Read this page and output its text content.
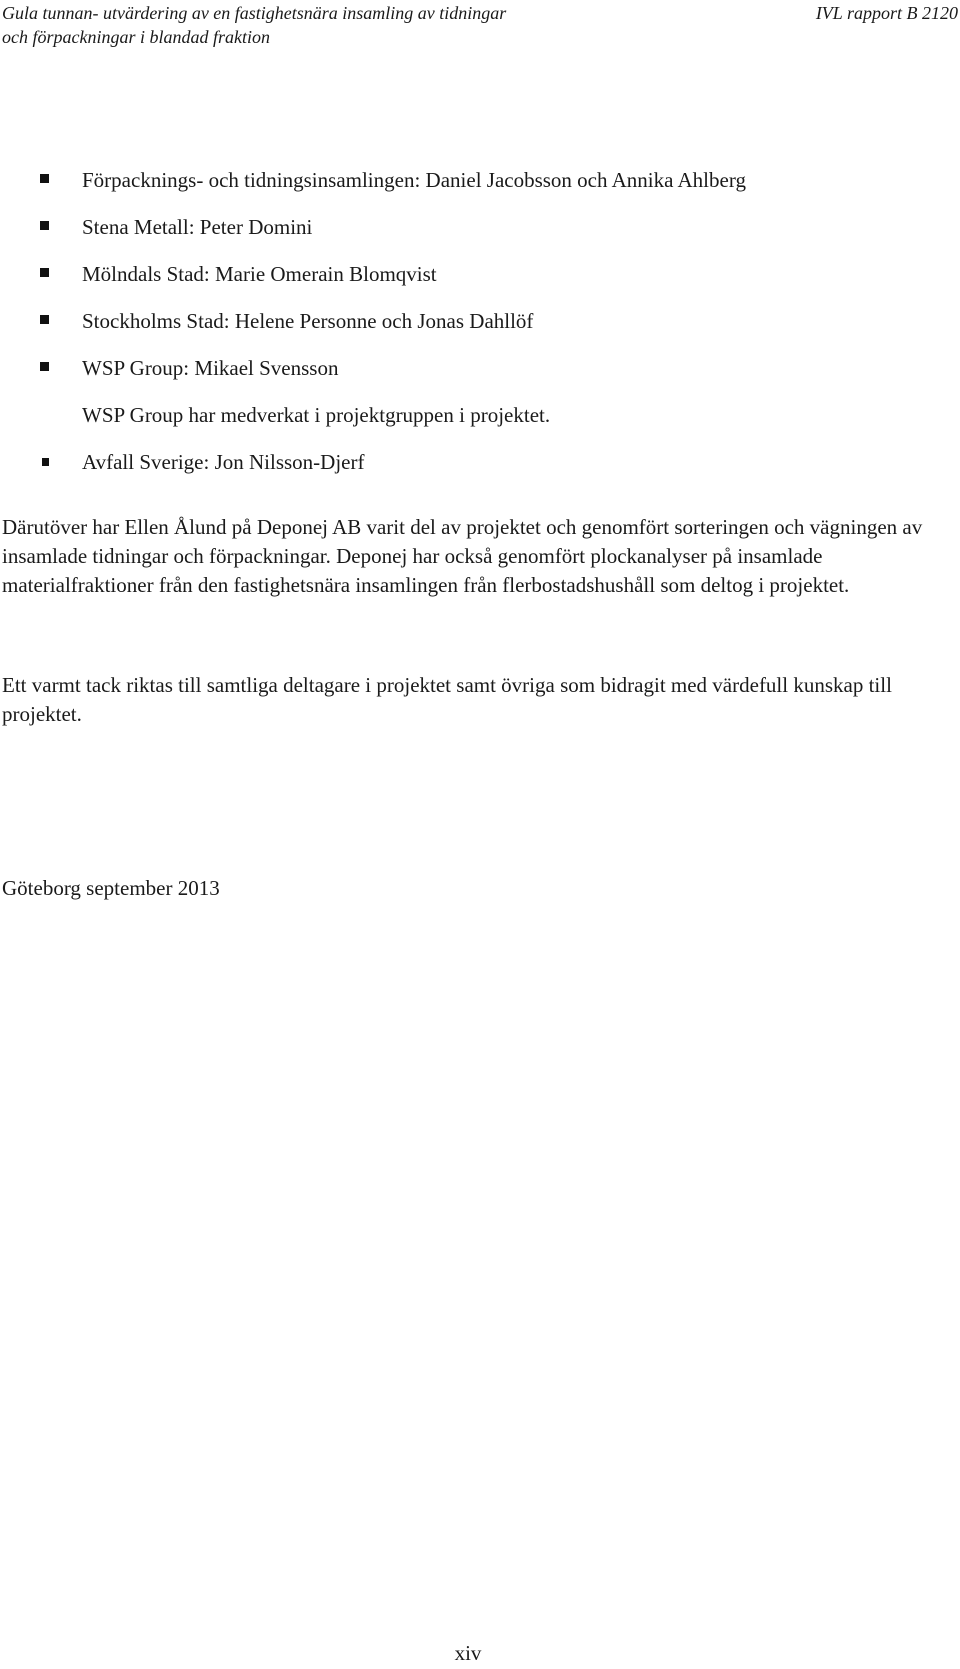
Gula tunnan- utvärdering av en fastighetsnära insamling av tidningar
och förpackningar i blandad fraktion
IVL rapport B 2120
Förpacknings- och tidningsinsamlingen: Daniel Jacobsson och Annika Ahlberg
Stena Metall: Peter Domini
Mölndals Stad: Marie Omerain Blomqvist
Stockholms Stad: Helene Personne och Jonas Dahllöf
WSP Group: Mikael Svensson
WSP Group har medverkat i projektgruppen i projektet.
Avfall Sverige: Jon Nilsson-Djerf

Därutöver har Ellen Ålund på Deponej AB varit del av projektet och genomfört sorteringen och vägningen av insamlade tidningar och förpackningar. Deponej har också genomfört plockanalyser på insamlade materialfraktioner från den fastighetsnära insamlingen från flerbostadshushåll som deltog i projektet.

Ett varmt tack riktas till samtliga deltagare i projektet samt övriga som bidragit med värdefull kunskap till projektet.

Göteborg september 2013
xiv
